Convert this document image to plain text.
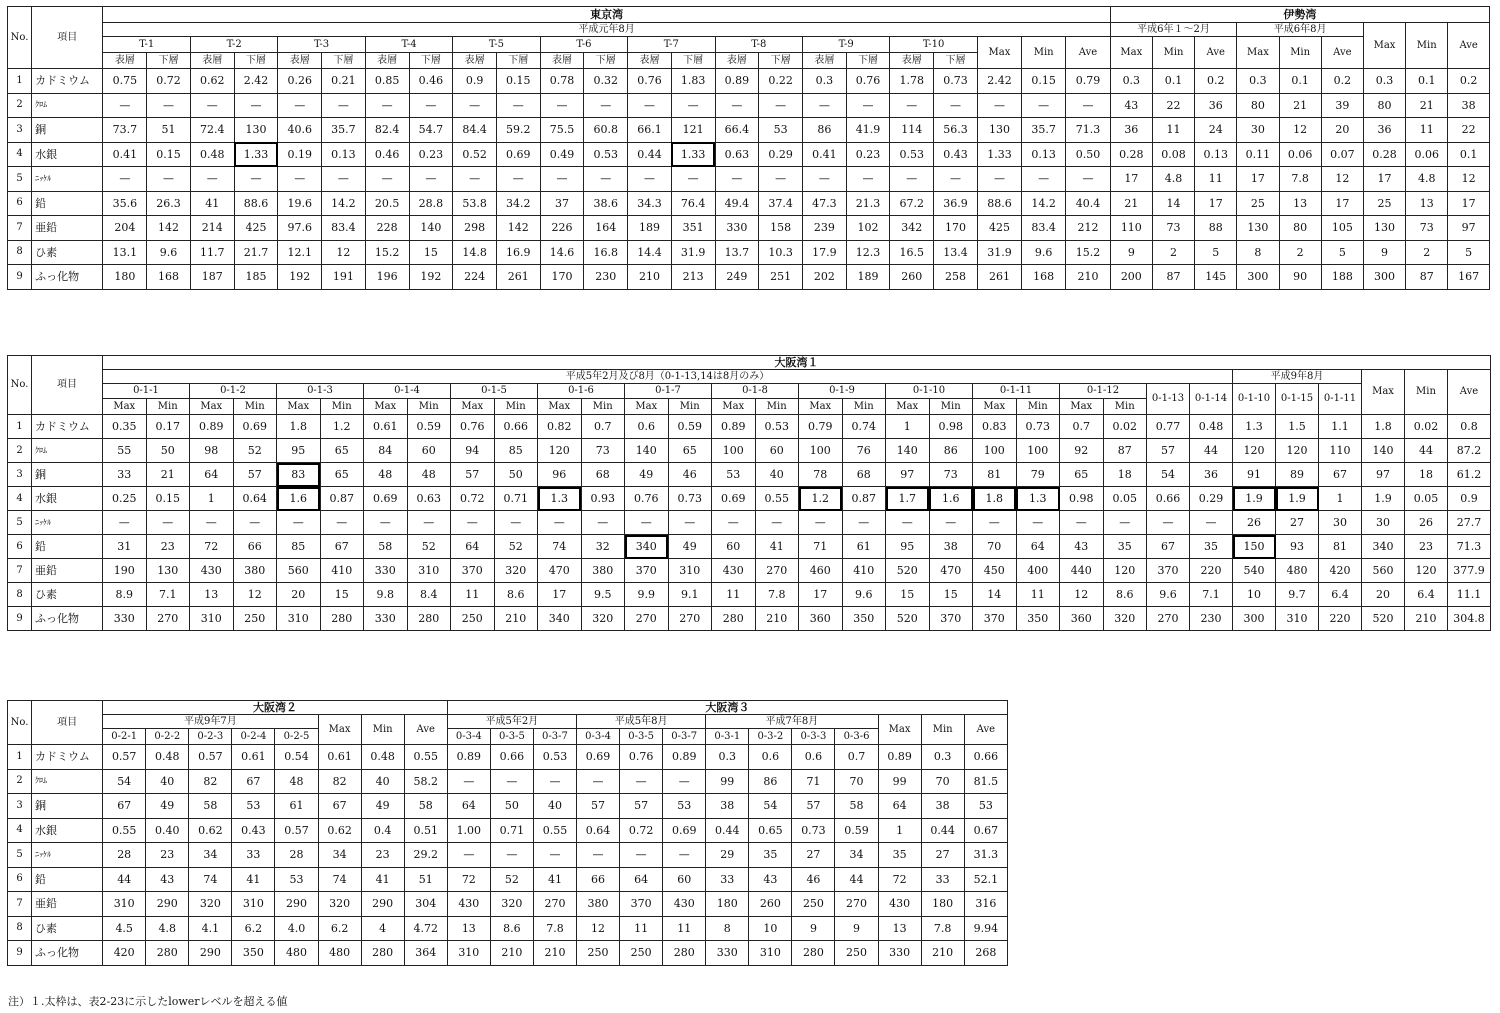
No.	項目	東京湾																							伊勢湾								
		平成元年8月																							平成6年１～2月			平成6年8月			Max	Min	Ave
		T-1		T-2		T-3		T-4		T-5		T-6		T-7		T-8		T-9		T-10		Max	Min	Ave	Max	Min	Ave	Max	Min	Ave			
		表層	下層	表層	下層	表層	下層	表層	下層	表層	下層	表層	下層	表層	下層	表層	下層	表層	下層	表層	下層												
1	カドミウム	0.75	0.72	0.62	2.42	0.26	0.21	0.85	0.46	0.9	0.15	0.78	0.32	0.76	1.83	0.89	0.22	0.3	0.76	1.78	0.73	2.42	0.15	0.79	0.3	0.1	0.2	0.3	0.1	0.2	0.3	0.1	0.2
2	ｸﾛﾑ	—	—	—	—	—	—	—	—	—	—	—	—	—	—	—	—	—	—	—	—	—	—	—	43	22	36	80	21	39	80	21	38
3	銅	73.7	51	72.4	130	40.6	35.7	82.4	54.7	84.4	59.2	75.5	60.8	66.1	121	66.4	53	86	41.9	114	56.3	130	35.7	71.3	36	11	24	30	12	20	36	11	22
4	水銀	0.41	0.15	0.48	1.33	0.19	0.13	0.46	0.23	0.52	0.69	0.49	0.53	0.44	1.33	0.63	0.29	0.41	0.23	0.53	0.43	1.33	0.13	0.50	0.28	0.08	0.13	0.11	0.06	0.07	0.28	0.06	0.1
5	ﾆｯｹﾙ	—	—	—	—	—	—	—	—	—	—	—	—	—	—	—	—	—	—	—	—	—	—	—	17	4.8	11	17	7.8	12	17	4.8	12
6	鉛	35.6	26.3	41	88.6	19.6	14.2	20.5	28.8	53.8	34.2	37	38.6	34.3	76.4	49.4	37.4	47.3	21.3	67.2	36.9	88.6	14.2	40.4	21	14	17	25	13	17	25	13	17
7	亜鉛	204	142	214	425	97.6	83.4	228	140	298	142	226	164	189	351	330	158	239	102	342	170	425	83.4	212	110	73	88	130	80	105	130	73	97
8	ひ素	13.1	9.6	11.7	21.7	12.1	12	15.2	15	14.8	16.9	14.6	16.8	14.4	31.9	13.7	10.3	17.9	12.3	16.5	13.4	31.9	9.6	15.2	9	2	5	8	2	5	9	2	5
9	ふっ化物	180	168	187	185	192	191	196	192	224	261	170	230	210	213	249	251	202	189	260	258	261	168	210	200	87	145	300	90	188	300	87	167
No.	項目	大阪湾１																															
		平成5年2月及び8月（0-1-13,14は8月のみ）																										平成9年8月			Max	Min	Ave
		0-1-1		0-1-2		0-1-3		0-1-4		0-1-5		0-1-6		0-1-7		0-1-8		0-1-9		0-1-10		0-1-11		0-1-12		0-1-13	0-1-14	0-1-10	0-1-15	0-1-11			
		Max	Min	Max	Min	Max	Min	Max	Min	Max	Min	Max	Min	Max	Min	Max	Min	Max	Min	Max	Min	Max	Min	Max	Min								
1	カドミウム	0.35	0.17	0.89	0.69	1.8	1.2	0.61	0.59	0.76	0.66	0.82	0.7	0.6	0.59	0.89	0.53	0.79	0.74	1	0.98	0.83	0.73	0.7	0.02	0.77	0.48	1.3	1.5	1.1	1.8	0.02	0.8
2	ｸﾛﾑ	55	50	98	52	95	65	84	60	94	85	120	73	140	65	100	60	100	76	140	86	100	100	92	87	57	44	120	120	110	140	44	87.2
3	銅	33	21	64	57	83	65	48	48	57	50	96	68	49	46	53	40	78	68	97	73	81	79	65	18	54	36	91	89	67	97	18	61.2
4	水銀	0.25	0.15	1	0.64	1.6	0.87	0.69	0.63	0.72	0.71	1.3	0.93	0.76	0.73	0.69	0.55	1.2	0.87	1.7	1.6	1.8	1.3	0.98	0.05	0.66	0.29	1.9	1.9	1	1.9	0.05	0.9
5	ﾆｯｹﾙ	—	—	—	—	—	—	—	—	—	—	—	—	—	—	—	—	—	—	—	—	—	—	—	—	—	—	26	27	30	30	26	27.7
6	鉛	31	23	72	66	85	67	58	52	64	52	74	32	340	49	60	41	71	61	95	38	70	64	43	35	67	35	150	93	81	340	23	71.3
7	亜鉛	190	130	430	380	560	410	330	310	370	320	470	380	370	310	430	270	460	410	520	470	450	400	440	120	370	220	540	480	420	560	120	377.9
8	ひ素	8.9	7.1	13	12	20	15	9.8	8.4	11	8.6	17	9.5	9.9	9.1	11	7.8	17	9.6	15	15	14	11	12	8.6	9.6	7.1	10	9.7	6.4	20	6.4	11.1
9	ふっ化物	330	270	310	250	310	280	330	280	250	210	340	320	270	270	280	210	360	350	520	370	370	350	360	320	270	230	300	310	220	520	210	304.8
No.	項目	大阪湾２								大阪湾３												
		平成9年7月					Max	Min	Ave	平成5年2月			平成5年8月			平成7年8月				Max	Min	Ave
		0-2-1	0-2-2	0-2-3	0-2-4	0-2-5				0-3-4	0-3-5	0-3-7	0-3-4	0-3-5	0-3-7	0-3-1	0-3-2	0-3-3	0-3-6			
1	カドミウム	0.57	0.48	0.57	0.61	0.54	0.61	0.48	0.55	0.89	0.66	0.53	0.69	0.76	0.89	0.3	0.6	0.6	0.7	0.89	0.3	0.66
2	ｸﾛﾑ	54	40	82	67	48	82	40	58.2	—	—	—	—	—	—	99	86	71	70	99	70	81.5
3	銅	67	49	58	53	61	67	49	58	64	50	40	57	57	53	38	54	57	58	64	38	53
4	水銀	0.55	0.40	0.62	0.43	0.57	0.62	0.4	0.51	1.00	0.71	0.55	0.64	0.72	0.69	0.44	0.65	0.73	0.59	1	0.44	0.67
5	ﾆｯｹﾙ	28	23	34	33	28	34	23	29.2	—	—	—	—	—	—	29	35	27	34	35	27	31.3
6	鉛	44	43	74	41	53	74	41	51	72	52	41	66	64	60	33	43	46	44	72	33	52.1
7	亜鉛	310	290	320	310	290	320	290	304	430	320	270	380	370	430	180	260	250	270	430	180	316
8	ひ素	4.5	4.8	4.1	6.2	4.0	6.2	4	4.72	13	8.6	7.8	12	11	11	8	10	9	9	13	7.8	9.94
9	ふっ化物	420	280	290	350	480	480	280	364	310	210	210	250	250	280	330	310	280	250	330	210	268
注）１.太枠は、表2-23に示したlowerレベルを超える値
